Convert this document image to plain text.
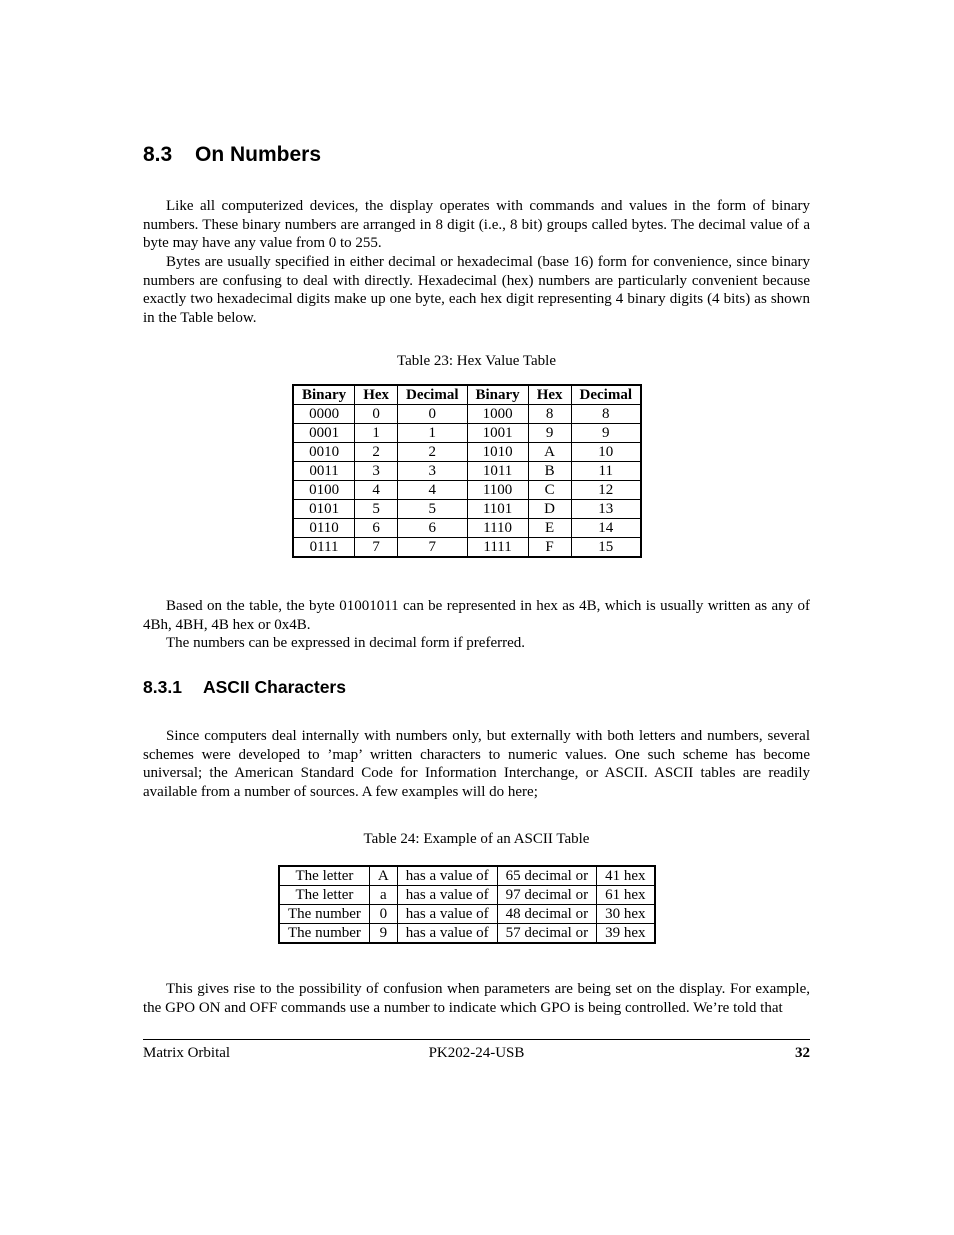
8.3 On Numbers

Like all computerized devices, the display operates with commands and values in the form of binary numbers. These binary numbers are arranged in 8 digit (i.e., 8 bit) groups called bytes. The decimal value of a byte may have any value from 0 to 255.

Bytes are usually specified in either decimal or hexadecimal (base 16) form for convenience, since binary numbers are confusing to deal with directly. Hexadecimal (hex) numbers are particularly convenient because exactly two hexadecimal digits make up one byte, each hex digit representing 4 binary digits (4 bits) as shown in the Table below.

Table 23: Hex Value Table
Binary	Hex	Decimal	Binary	Hex	Decimal
0000	0	0	1000	8	8
0001	1	1	1001	9	9
0010	2	2	1010	A	10
0011	3	3	1011	B	11
0100	4	4	1100	C	12
0101	5	5	1101	D	13
0110	6	6	1110	E	14
0111	7	7	1111	F	15

Based on the table, the byte 01001011 can be represented in hex as 4B, which is usually written as any of 4Bh, 4BH, 4B hex or 0x4B.

The numbers can be expressed in decimal form if preferred.

8.3.1 ASCII Characters

Since computers deal internally with numbers only, but externally with both letters and numbers, several schemes were developed to ’map’ written characters to numeric values. One such scheme has become universal; the American Standard Code for Information Interchange, or ASCII. ASCII tables are readily available from a number of sources. A few examples will do here;

Table 24: Example of an ASCII Table
The letter	A	has a value of	65 decimal or	41 hex
The letter	a	has a value of	97 decimal or	61 hex
The number	0	has a value of	48 decimal or	30 hex
The number	9	has a value of	57 decimal or	39 hex

This gives rise to the possibility of confusion when parameters are being set on the display. For example, the GPO ON and OFF commands use a number to indicate which GPO is being controlled. We’re told that

Matrix Orbital	PK202-24-USB	32
